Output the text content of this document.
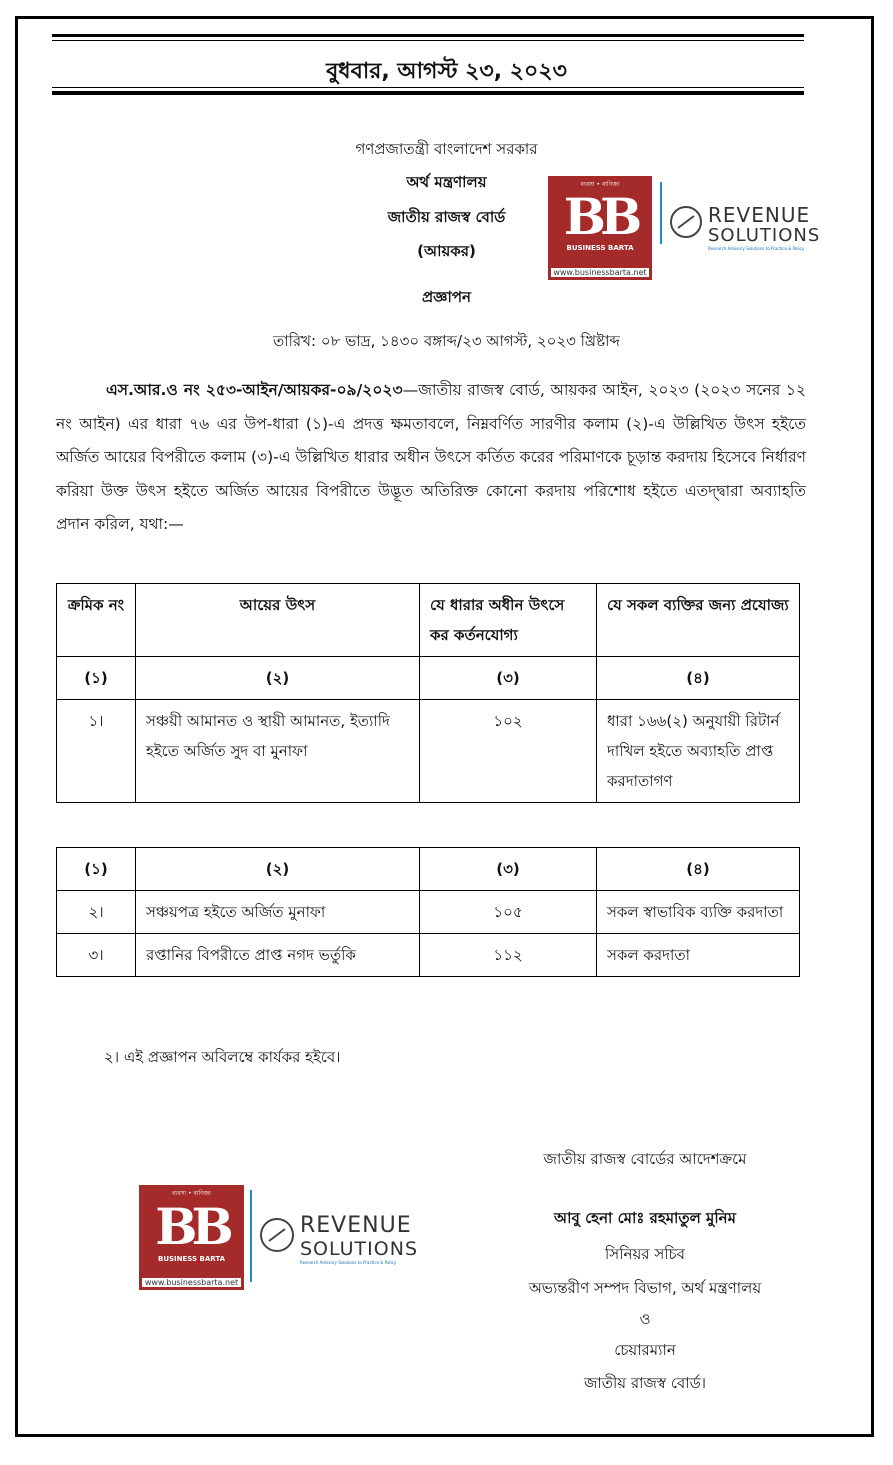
বুধবার, আগস্ট ২৩, ২০২৩
গণপ্রজাতন্ত্রী বাংলাদেশ সরকার
অর্থ মন্ত্রণালয়
জাতীয় রাজস্ব বোর্ড
(আয়কর)
প্রজ্ঞাপন
তারিখ: ০৮ ভাদ্র, ১৪৩০ বঙ্গাব্দ/২৩ আগস্ট, ২০২৩ খ্রিষ্টাব্দ
ব্যবসা • বাণিজ্য
BB
BUSINESS BARTA
www.businessbarta.net
REVENUE
SOLUTIONS
Research Advisory Solutions to Practice & Policy
এস.আর.ও নং ২৫৩-আইন/আয়কর-০৯/২০২৩—জাতীয় রাজস্ব বোর্ড, আয়কর আইন, ২০২৩ (২০২৩ সনের ১২ নং আইন) এর ধারা ৭৬ এর উপ-ধারা (১)-এ প্রদত্ত ক্ষমতাবলে, নিম্নবর্ণিত সারণীর কলাম (২)-এ উল্লিখিত উৎস হইতে অর্জিত আয়ের বিপরীতে কলাম (৩)-এ উল্লিখিত ধারার অধীন উৎসে কর্তিত করের পরিমাণকে চূড়ান্ত করদায় হিসেবে নির্ধারণ করিয়া উক্ত উৎস হইতে অর্জিত আয়ের বিপরীতে উদ্ভূত অতিরিক্ত কোনো করদায় পরিশোধ হইতে এতদ্দ্বারা অব্যাহতি প্রদান করিল, যথা:—
ক্রমিক নং	আয়ের উৎস	যে ধারার অধীন উৎসে কর কর্তনযোগ্য	যে সকল ব্যক্তির জন্য প্রযোজ্য
(১)	(২)	(৩)	(৪)
১।	সঞ্চয়ী আমানত ও স্থায়ী আমানত, ইত্যাদি হইতে অর্জিত সুদ বা মুনাফা	১০২	ধারা ১৬৬(২) অনুযায়ী রিটার্ন দাখিল হইতে অব্যাহতি প্রাপ্ত করদাতাগণ
(১)	(২)	(৩)	(৪)
২।	সঞ্চয়পত্র হইতে অর্জিত মুনাফা	১০৫	সকল স্বাভাবিক ব্যক্তি করদাতা
৩।	রপ্তানির বিপরীতে প্রাপ্ত নগদ ভর্তুকি	১১২	সকল করদাতা
২। এই প্রজ্ঞাপন অবিলম্বে কার্যকর হইবে।
ব্যবসা • বাণিজ্য
BB
BUSINESS BARTA
www.businessbarta.net
REVENUE
SOLUTIONS
Research Advisory Solutions to Practice & Policy
জাতীয় রাজস্ব বোর্ডের আদেশক্রমে
আবু হেনা মোঃ রহমাতুল মুনিম
সিনিয়র সচিব
অভ্যন্তরীণ সম্পদ বিভাগ, অর্থ মন্ত্রণালয়
ও
চেয়ারম্যান
জাতীয় রাজস্ব বোর্ড।
